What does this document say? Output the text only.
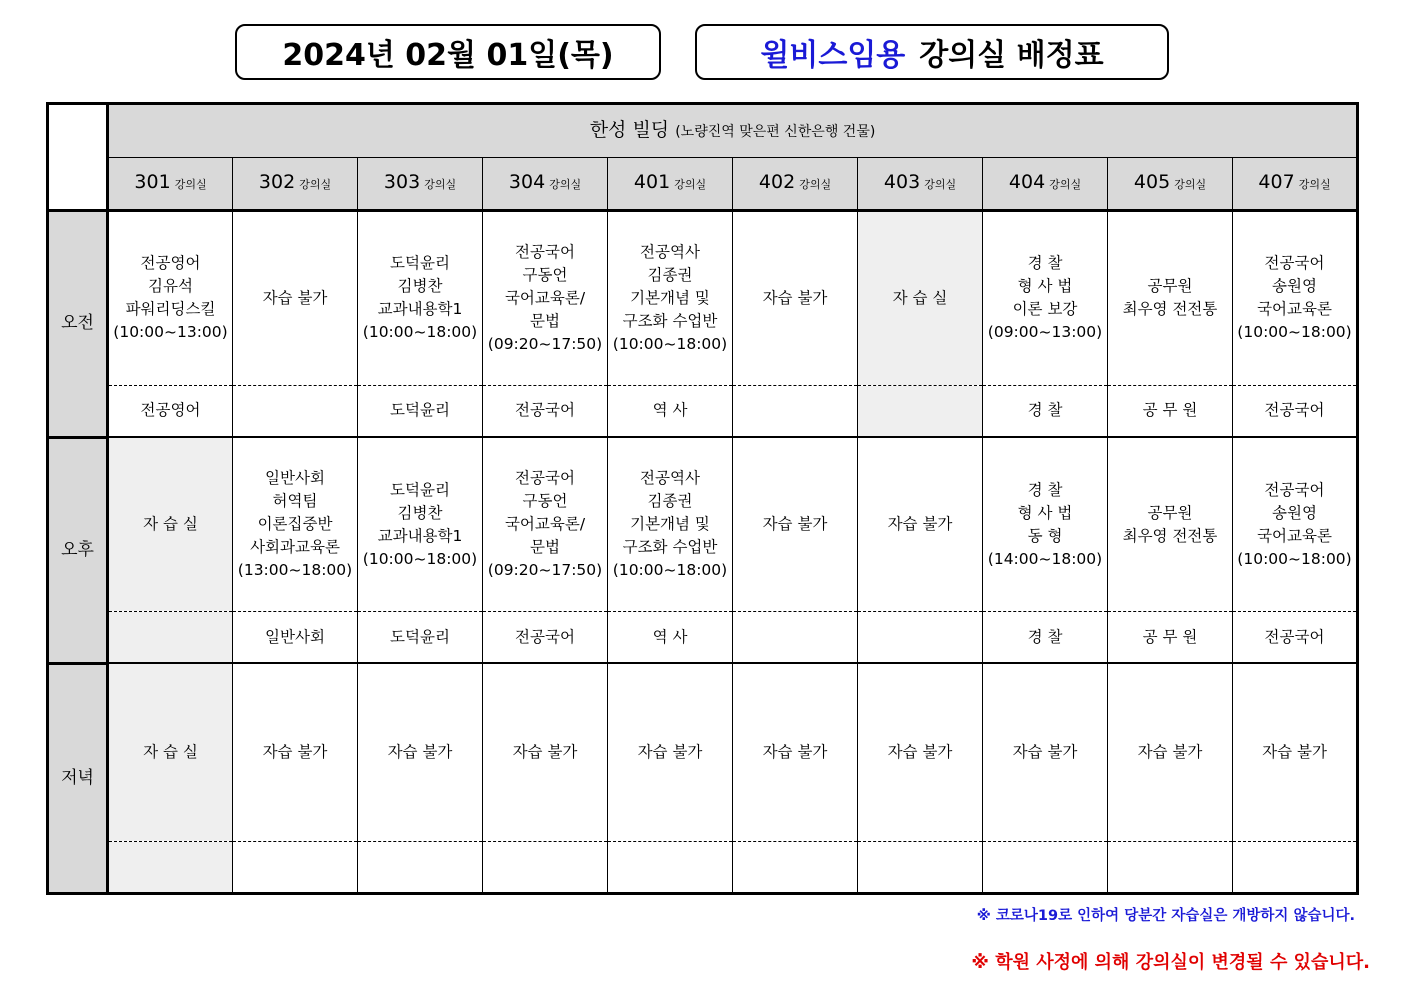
2024년 02월 01일(목)	윌비스임용 강의실 배정표
	한성 빌딩 (노량진역 맞은편 신한은행 건물)									
	301 강의실	302 강의실	303 강의실	304 강의실	401 강의실	402 강의실	403 강의실	404 강의실	405 강의실	407 강의실
오전	전공영어
김유석
파워리딩스킬
(10:00~13:00)	자습 불가	도덕윤리
김병찬
교과내용학1
(10:00~18:00)	전공국어
구동언
국어교육론/
문법
(09:20~17:50)	전공역사
김종권
기본개념 및
구조화 수업반
(10:00~18:00)	자습 불가	자 습 실	경 찰
형 사 법
이론 보강
(09:00~13:00)	공무원
최우영 전전통	전공국어
송원영
국어교육론
(10:00~18:00)
	전공영어		도덕윤리	전공국어	역 사			경 찰	공 무 원	전공국어
오후	자 습 실	일반사회
허역팀
이론집중반
사회과교육론
(13:00~18:00)	도덕윤리
김병찬
교과내용학1
(10:00~18:00)	전공국어
구동언
국어교육론/
문법
(09:20~17:50)	전공역사
김종권
기본개념 및
구조화 수업반
(10:00~18:00)	자습 불가	자습 불가	경 찰
형 사 법
동 형
(14:00~18:00)	공무원
최우영 전전통	전공국어
송원영
국어교육론
(10:00~18:00)
		일반사회	도덕윤리	전공국어	역 사			경 찰	공 무 원	전공국어
저녁	자 습 실	자습 불가	자습 불가	자습 불가	자습 불가	자습 불가	자습 불가	자습 불가	자습 불가	자습 불가

※ 코로나19로 인하여 당분간 자습실은 개방하지 않습니다.
※ 학원 사정에 의해 강의실이 변경될 수 있습니다.
